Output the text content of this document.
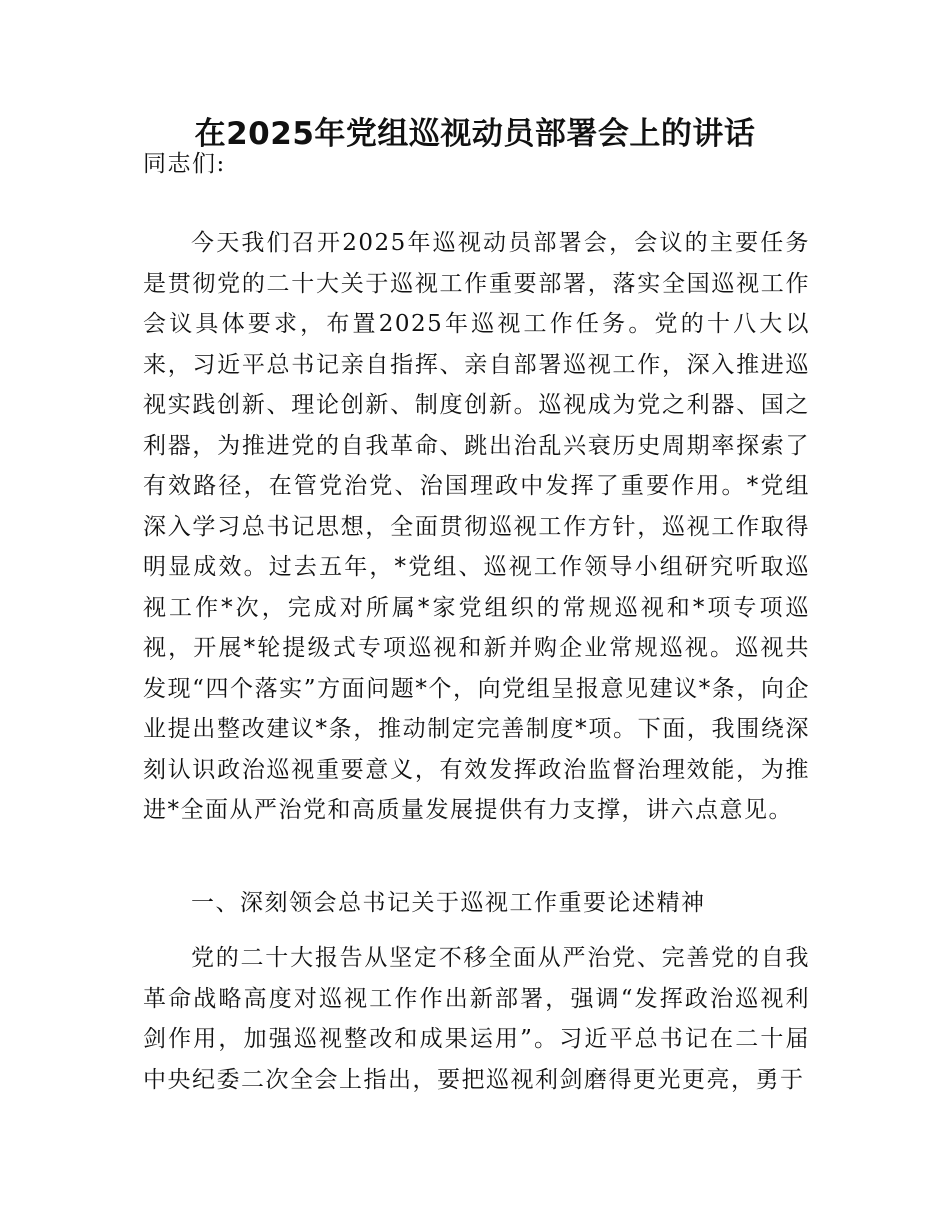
在2025年党组巡视动员部署会上的讲话

同志们:

今天我们召开2025年巡视动员部署会，会议的主要任务是贯彻党的二十大关于巡视工作重要部署，落实全国巡视工作会议具体要求，布置2025年巡视工作任务。党的十八大以来，习近平总书记亲自指挥、亲自部署巡视工作，深入推进巡视实践创新、理论创新、制度创新。巡视成为党之利器、国之利器，为推进党的自我革命、跳出治乱兴衰历史周期率探索了有效路径，在管党治党、治国理政中发挥了重要作用。*党组深入学习总书记思想，全面贯彻巡视工作方针，巡视工作取得明显成效。过去五年，*党组、巡视工作领导小组研究听取巡视工作*次，完成对所属*家党组织的常规巡视和*项专项巡视，开展*轮提级式专项巡视和新并购企业常规巡视。巡视共发现“四个落实”方面问题*个，向党组呈报意见建议*条，向企业提出整改建议*条，推动制定完善制度*项。下面，我围绕深刻认识政治巡视重要意义，有效发挥政治监督治理效能，为推进*全面从严治党和高质量发展提供有力支撑，讲六点意见。

一、深刻领会总书记关于巡视工作重要论述精神

党的二十大报告从坚定不移全面从严治党、完善党的自我革命战略高度对巡视工作作出新部署，强调“发挥政治巡视利剑作用，加强巡视整改和成果运用”。习近平总书记在二十届中央纪委二次全会上指出，要把巡视利剑磨得更光更亮，勇于
